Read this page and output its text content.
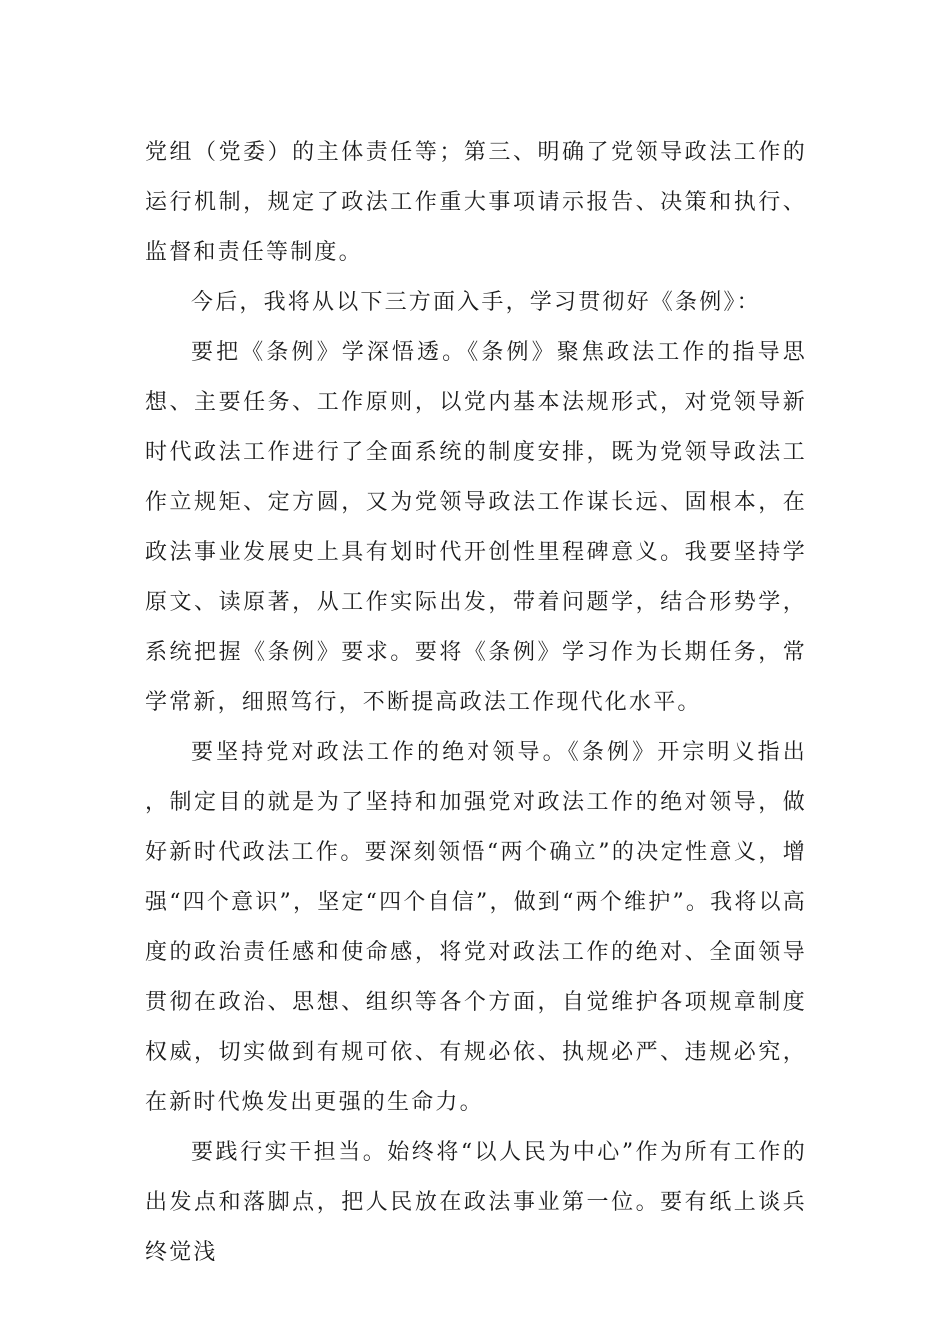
党组（党委）的主体责任等；第三、明确了党领导政法工作的运行机制，规定了政法工作重大事项请示报告、决策和执行、监督和责任等制度。

今后，我将从以下三方面入手，学习贯彻好《条例》：

要把《条例》学深悟透。《条例》聚焦政法工作的指导思想、主要任务、工作原则，以党内基本法规形式，对党领导新时代政法工作进行了全面系统的制度安排，既为党领导政法工作立规矩、定方圆，又为党领导政法工作谋长远、固根本，在政法事业发展史上具有划时代开创性里程碑意义。我要坚持学原文、读原著，从工作实际出发，带着问题学，结合形势学，系统把握《条例》要求。要将《条例》学习作为长期任务，常学常新，细照笃行，不断提高政法工作现代化水平。

要坚持党对政法工作的绝对领导。《条例》开宗明义指出，制定目的就是为了坚持和加强党对政法工作的绝对领导，做好新时代政法工作。要深刻领悟“两个确立”的决定性意义，增强“四个意识”，坚定“四个自信”，做到“两个维护”。我将以高度的政治责任感和使命感，将党对政法工作的绝对、全面领导贯彻在政治、思想、组织等各个方面，自觉维护各项规章制度权威，切实做到有规可依、有规必依、执规必严、违规必究，在新时代焕发出更强的生命力。

要践行实干担当。始终将“以人民为中心”作为所有工作的出发点和落脚点，把人民放在政法事业第一位。要有纸上谈兵终觉浅
